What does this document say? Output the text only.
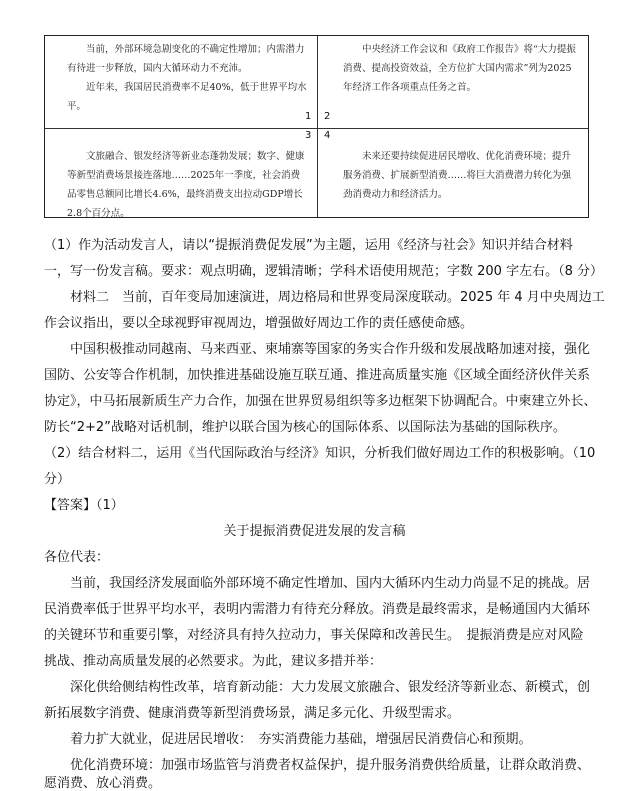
当前，外部环境急剧变化的不确定性增加；内需潜力有待进一步释放，国内大循环动力不充沛。
近年来，我国居民消费率不足40%，低于世界平均水平。
中央经济工作会议和《政府工作报告》将“大力提振消费、提高投资效益，全方位扩大国内需求”列为2025年经济工作各项重点任务之首。
文旅融合、银发经济等新业态蓬勃发展；数字、健康等新型消费场景接连落地……2025年一季度，社会消费品零售总额同比增长4.6%，最终消费支出拉动GDP增长2.8个百分点。
未来还要持续促进居民增收、优化消费环境；提升服务消费、扩展新型消费……将巨大消费潜力转化为强劲消费动力和经济活力。
1 2
3 4
（1）作为活动发言人，请以“提振消费促发展”为主题，运用《经济与社会》知识并结合材料
一，写一份发言稿。要求：观点明确，逻辑清晰；学科术语使用规范；字数 200 字左右。（8 分）
材料二　当前，百年变局加速演进，周边格局和世界变局深度联动。2025 年 4 月中央周边工
作会议指出，要以全球视野审视周边，增强做好周边工作的责任感使命感。
中国积极推动同越南、马来西亚、柬埔寨等国家的务实合作升级和发展战略加速对接，强化
国防、公安等合作机制，加快推进基础设施互联互通、推进高质量实施《区域全面经济伙伴关系
协定》，中马拓展新质生产力合作，加强在世界贸易组织等多边框架下协调配合。中柬建立外长、
防长“2+2”战略对话机制，维护以联合国为核心的国际体系、以国际法为基础的国际秩序。
（2）结合材料二，运用《当代国际政治与经济》知识，分析我们做好周边工作的积极影响。（10
分）
【答案】（1）
关于提振消费促进发展的发言稿
各位代表：
当前，我国经济发展面临外部环境不确定性增加、国内大循环内生动力尚显不足的挑战。居
民消费率低于世界平均水平，表明内需潜力有待充分释放。消费是最终需求，是畅通国内大循环
的关键环节和重要引擎，对经济具有持久拉动力，事关保障和改善民生。　提振消费是应对风险
挑战、推动高质量发展的必然要求。为此，建议多措并举：
深化供给侧结构性改革，培育新动能：大力发展文旅融合、银发经济等新业态、新模式，创
新拓展数字消费、健康消费等新型消费场景，满足多元化、升级型需求。
着力扩大就业，促进居民增收：　夯实消费能力基础，增强居民消费信心和预期。
优化消费环境：加强市场监管与消费者权益保护，提升服务消费供给质量，让群众敢消费、
愿消费、放心消费。
